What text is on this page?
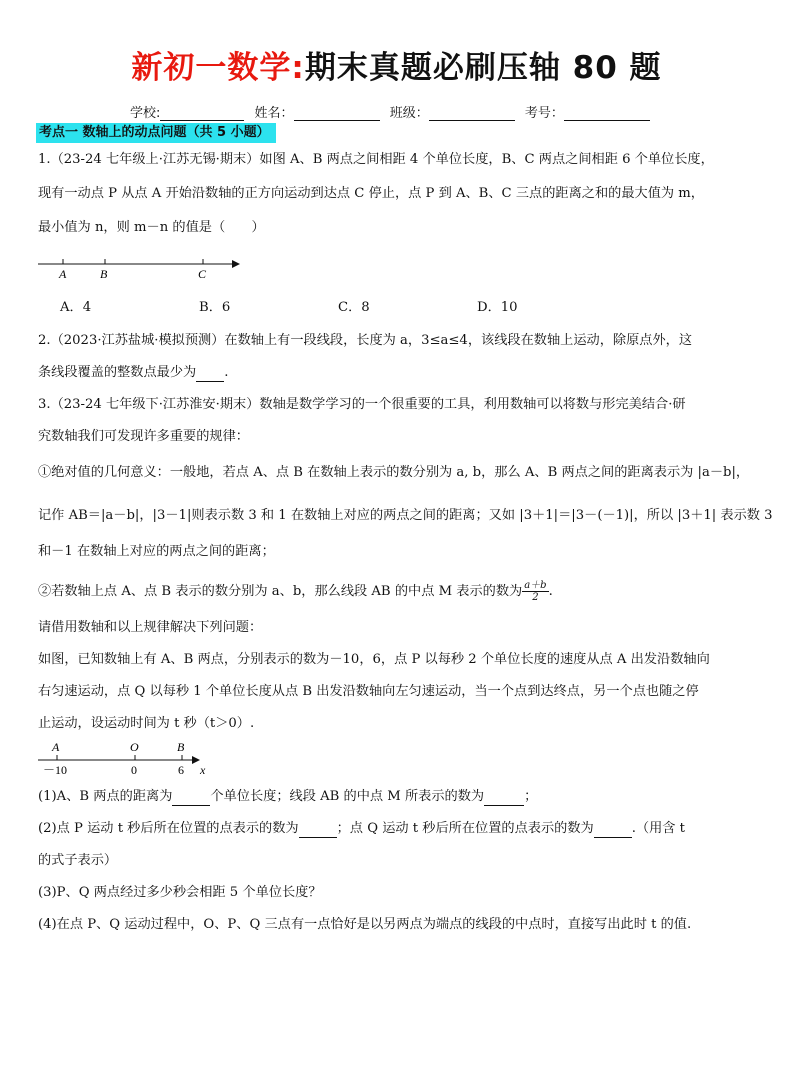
新初一数学:期末真题必刷压轴 80 题
学校:	姓名：	班级：	考号：
考点一 数轴上的动点问题（共 5 小题）
1.（23-24 七年级上·江苏无锡·期末）如图 A、B 两点之间相距 4 个单位长度，B、C 两点之间相距 6 个单位长度，
现有一动点 P 从点 A 开始沿数轴的正方向运动到达点 C 停止，点 P 到 A、B、C 三点的距离之和的最大值为 m，
最小值为 n，则 m－n 的值是（　　）
A	B	C
A．4	B．6	C．8	D．10
2.（2023·江苏盐城·模拟预测）在数轴上有一段线段，长度为 a，3≤a≤4，该线段在数轴上运动，除原点外，这
条线段覆盖的整数点最少为 .
3.（23-24 七年级下·江苏淮安·期末）数轴是数学学习的一个很重要的工具，利用数轴可以将数与形完美结合·研
究数轴我们可发现许多重要的规律：
①绝对值的几何意义：一般地，若点 A、点 B 在数轴上表示的数分别为 a, b，那么 A、B 两点之间的距离表示为 |a－b|，
记作 AB＝|a－b|，|3－1|则表示数 3 和 1 在数轴上对应的两点之间的距离；又如 |3＋1|＝|3－(－1)|，所以 |3＋1| 表示数 3
和－1 在数轴上对应的两点之间的距离；
②若数轴上点 A、点 B 表示的数分别为 a、b，那么线段 AB 的中点 M 表示的数为 $\frac{a+b}{2}$ .
请借用数轴和以上规律解决下列问题：
如图，已知数轴上有 A、B 两点，分别表示的数为－10，6，点 P 以每秒 2 个单位长度的速度从点 A 出发沿数轴向
右匀速运动，点 Q 以每秒 1 个单位长度从点 B 出发沿数轴向左匀速运动，当一个点到达终点，另一个点也随之停
止运动，设运动时间为 t 秒（t＞0）.
A	O	B
－10	0	6 x
(1)A、B 两点的距离为	个单位长度；线段 AB 的中点 M 所表示的数为	；
(2)点 P 运动 t 秒后所在位置的点表示的数为	；点 Q 运动 t 秒后所在位置的点表示的数为	.（用含 t
的式子表示）
(3)P、Q 两点经过多少秒会相距 5 个单位长度？
(4)在点 P、Q 运动过程中，O、P、Q 三点有一点恰好是以另两点为端点的线段的中点时，直接写出此时 t 的值.
